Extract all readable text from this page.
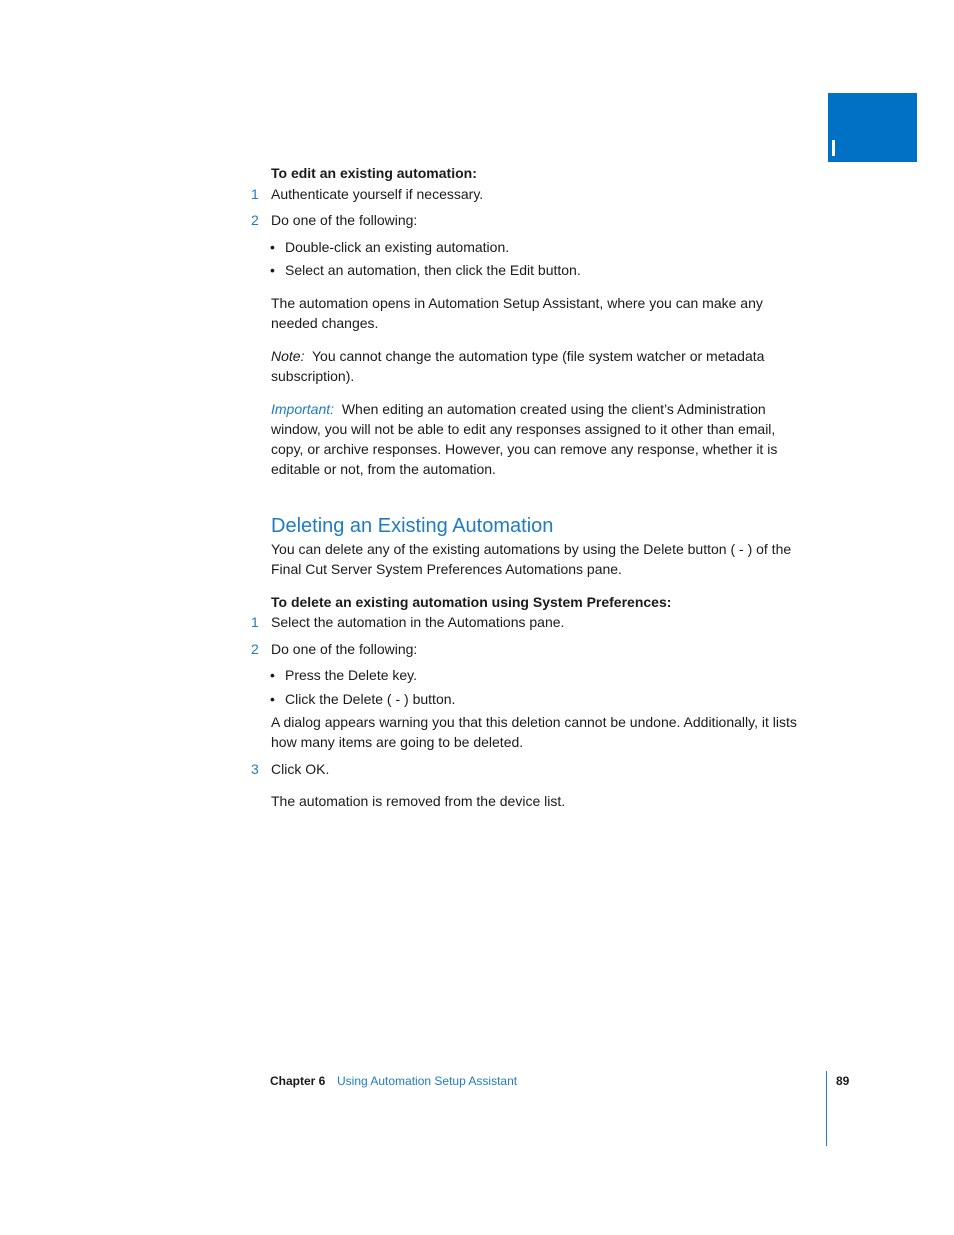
To edit an existing automation:
1 Authenticate yourself if necessary.
2 Do one of the following:
• Double-click an existing automation.
• Select an automation, then click the Edit button.
The automation opens in Automation Setup Assistant, where you can make any
needed changes.
Note: You cannot change the automation type (file system watcher or metadata
subscription).
Important: When editing an automation created using the client’s Administration
window, you will not be able to edit any responses assigned to it other than email,
copy, or archive responses. However, you can remove any response, whether it is
editable or not, from the automation.
Deleting an Existing Automation
You can delete any of the existing automations by using the Delete button ( - ) of the
Final Cut Server System Preferences Automations pane.
To delete an existing automation using System Preferences:
1 Select the automation in the Automations pane.
2 Do one of the following:
• Press the Delete key.
• Click the Delete ( - ) button.
A dialog appears warning you that this deletion cannot be undone. Additionally, it lists
how many items are going to be deleted.
3 Click OK.
The automation is removed from the device list.
Chapter 6 Using Automation Setup Assistant	89
